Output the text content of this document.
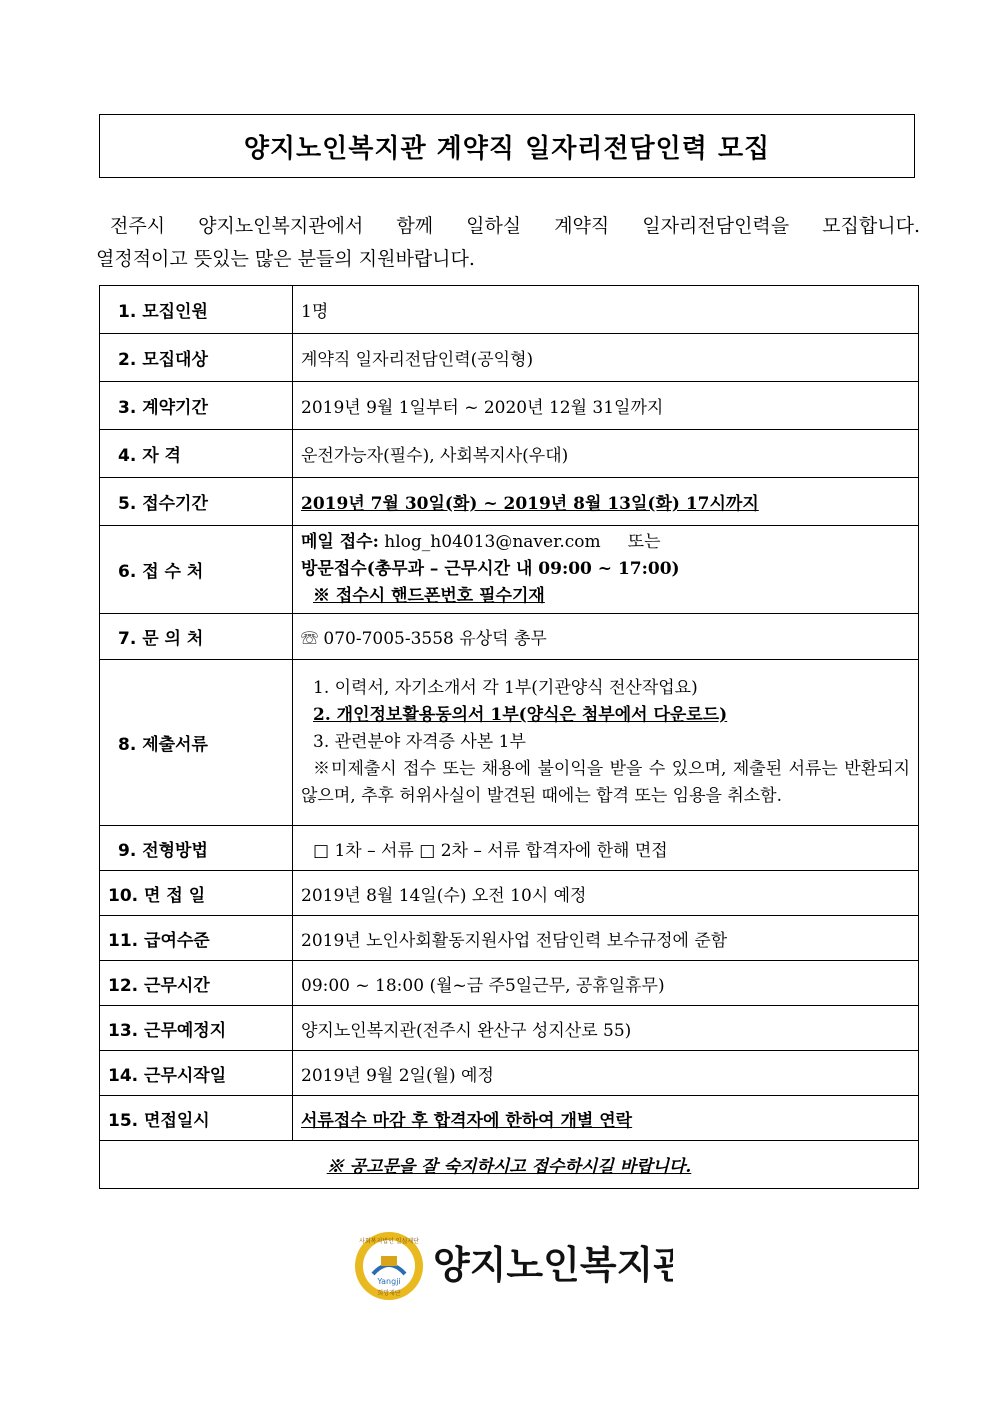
양지노인복지관 계약직 일자리전담인력 모집

전주시 양지노인복지관에서 함께 일하실 계약직 일자리전담인력을 모집합니다.
열정적이고 뜻있는 많은 분들의 지원바랍니다.

1. 모집인원	1명
2. 모집대상	계약직 일자리전담인력(공익형)
3. 계약기간	2019년 9월 1일부터 ~ 2020년 12월 31일까지
4. 자 격	운전가능자(필수), 사회복지사(우대)
5. 접수기간	2019년 7월 30일(화) ~ 2019년 8월 13일(화) 17시까지
6. 접 수 처	메일 접수: hlog_h04013@naver.com 또는
방문접수(총무과 – 근무시간 내 09:00 ~ 17:00)
※ 접수시 핸드폰번호 필수기재

7. 문 의 처	☏ 070-7005-3558 유상덕 총무
8. 제출서류	1. 이력서, 자기소개서 각 1부(기관양식 전산작업요)
2. 개인정보활용동의서 1부(양식은 첨부에서 다운로드)
3. 관련분야 자격증 사본 1부
※미제출시 접수 또는 채용에 불이익을 받을 수 있으며, 제출된 서류는 반환되지 않으며, 추후 허위사실이 발견된 때에는 합격 또는 임용을 취소함.

9. 전형방법	□ 1차 – 서류 □ 2차 – 서류 합격자에 한해 면접
10. 면 접 일	2019년 8월 14일(수) 오전 10시 예정
11. 급여수준	2019년 노인사회활동지원사업 전담인력 보수규정에 준함
12. 근무시간	09:00 ~ 18:00 (월~금 주5일근무, 공휴일휴무)
13. 근무예정지	양지노인복지관(전주시 완산구 성지산로 55)
14. 근무시작일	2019년 9월 2일(월) 예정
15. 면접일시	서류접수 마감 후 합격자에 한하여 개별 연락
※ 공고문을 잘 숙지하시고 접수하시길 바랍니다.	
사회복지법인 일심재단
Yangji
희망재단
양지노인복지관
